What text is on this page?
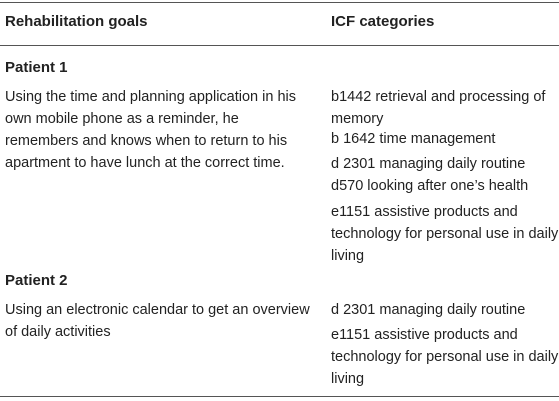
Rehabilitation goals	ICF categories
Patient 1
Using the time and planning application in his own mobile phone as a reminder, he remembers and knows when to return to his apartment to have lunch at the correct time.
b1442 retrieval and processing of memory
b 1642 time management
d 2301 managing daily routine
d570 looking after one’s health
e1151 assistive products and technology for personal use in daily living
Patient 2
Using an electronic calendar to get an overview of daily activities
d 2301 managing daily routine
e1151 assistive products and technology for personal use in daily living
